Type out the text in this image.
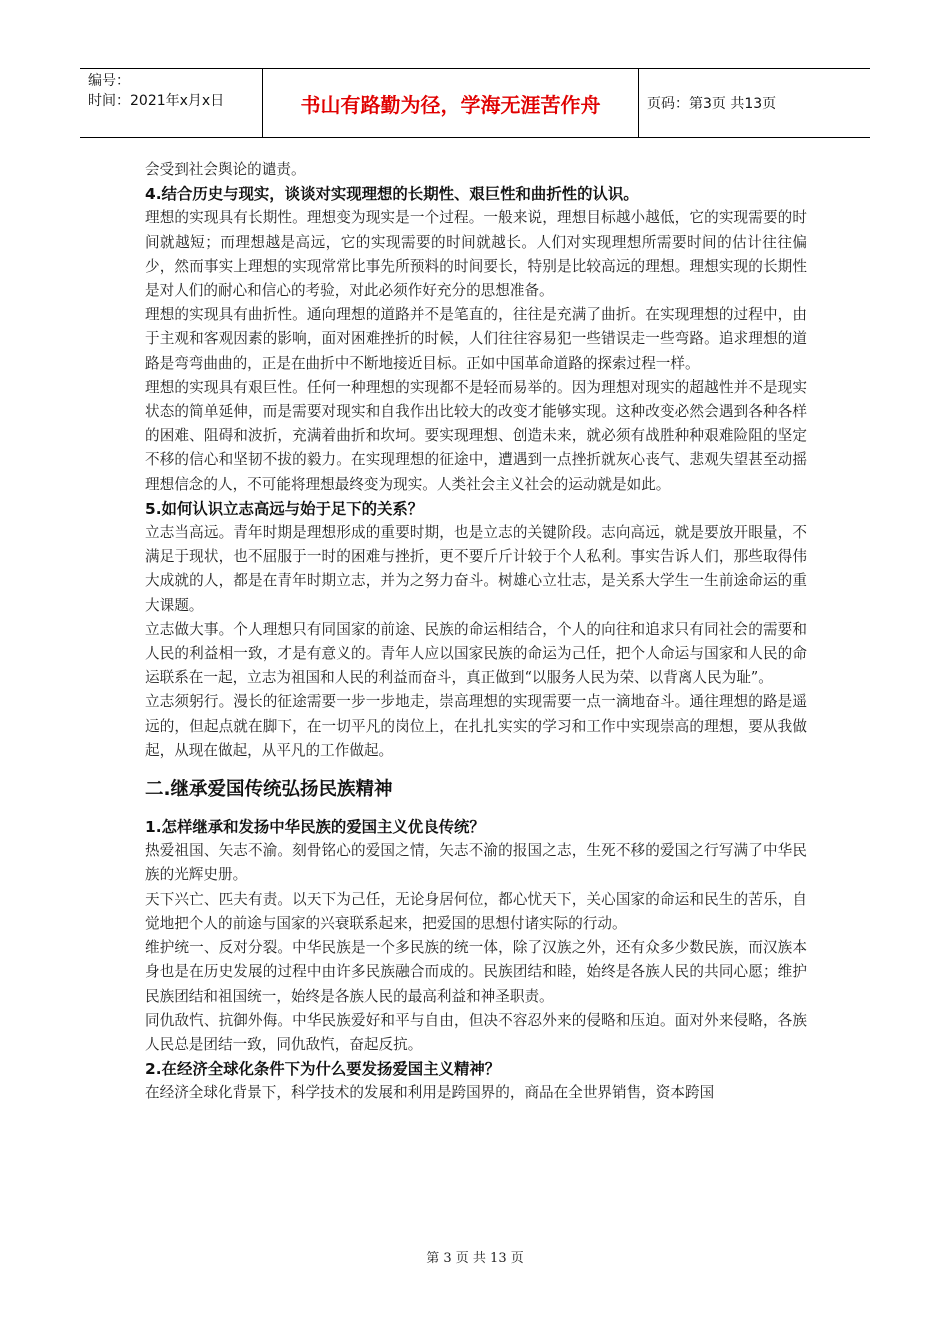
编号：
时间：2021年x月x日	书山有路勤为径，学海无涯苦作舟	页码：第3页 共13页

会受到社会舆论的谴责。

4.结合历史与现实，谈谈对实现理想的长期性、艰巨性和曲折性的认识。

理想的实现具有长期性。理想变为现实是一个过程。一般来说，理想目标越小越低，它的实现需要的时间就越短；而理想越是高远，它的实现需要的时间就越长。人们对实现理想所需要时间的估计往往偏少，然而事实上理想的实现常常比事先所预料的时间要长，特别是比较高远的理想。理想实现的长期性是对人们的耐心和信心的考验，对此必须作好充分的思想准备。

理想的实现具有曲折性。通向理想的道路并不是笔直的，往往是充满了曲折。在实现理想的过程中，由于主观和客观因素的影响，面对困难挫折的时候，人们往往容易犯一些错误走一些弯路。追求理想的道路是弯弯曲曲的，正是在曲折中不断地接近目标。正如中国革命道路的探索过程一样。

理想的实现具有艰巨性。任何一种理想的实现都不是轻而易举的。因为理想对现实的超越性并不是现实状态的简单延伸，而是需要对现实和自我作出比较大的改变才能够实现。这种改变必然会遇到各种各样的困难、阻碍和波折，充满着曲折和坎坷。要实现理想、创造未来，就必须有战胜种种艰难险阻的坚定不移的信心和坚韧不拔的毅力。在实现理想的征途中，遭遇到一点挫折就灰心丧气、悲观失望甚至动摇理想信念的人，不可能将理想最终变为现实。人类社会主义社会的运动就是如此。

5.如何认识立志高远与始于足下的关系？

立志当高远。青年时期是理想形成的重要时期，也是立志的关键阶段。志向高远，就是要放开眼量，不满足于现状，也不屈服于一时的困难与挫折，更不要斤斤计较于个人私利。事实告诉人们，那些取得伟大成就的人，都是在青年时期立志，并为之努力奋斗。树雄心立壮志，是关系大学生一生前途命运的重大课题。

立志做大事。个人理想只有同国家的前途、民族的命运相结合，个人的向往和追求只有同社会的需要和人民的利益相一致，才是有意义的。青年人应以国家民族的命运为己任，把个人命运与国家和人民的命运联系在一起，立志为祖国和人民的利益而奋斗，真正做到“以服务人民为荣、以背离人民为耻”。

立志须躬行。漫长的征途需要一步一步地走，崇高理想的实现需要一点一滴地奋斗。通往理想的路是遥远的，但起点就在脚下，在一切平凡的岗位上，在扎扎实实的学习和工作中实现崇高的理想，要从我做起，从现在做起，从平凡的工作做起。

二.继承爱国传统弘扬民族精神

1.怎样继承和发扬中华民族的爱国主义优良传统？

热爱祖国、矢志不渝。刻骨铭心的爱国之情，矢志不渝的报国之志，生死不移的爱国之行写满了中华民族的光辉史册。

天下兴亡、匹夫有责。以天下为己任，无论身居何位，都心忧天下，关心国家的命运和民生的苦乐，自觉地把个人的前途与国家的兴衰联系起来，把爱国的思想付诸实际的行动。

维护统一、反对分裂。中华民族是一个多民族的统一体，除了汉族之外，还有众多少数民族，而汉族本身也是在历史发展的过程中由许多民族融合而成的。民族团结和睦，始终是各族人民的共同心愿；维护民族团结和祖国统一，始终是各族人民的最高利益和神圣职责。

同仇敌忾、抗御外侮。中华民族爱好和平与自由，但决不容忍外来的侵略和压迫。面对外来侵略，各族人民总是团结一致，同仇敌忾，奋起反抗。

2.在经济全球化条件下为什么要发扬爱国主义精神？

在经济全球化背景下，科学技术的发展和利用是跨国界的，商品在全世界销售，资本跨国

第 3 页 共 13 页
